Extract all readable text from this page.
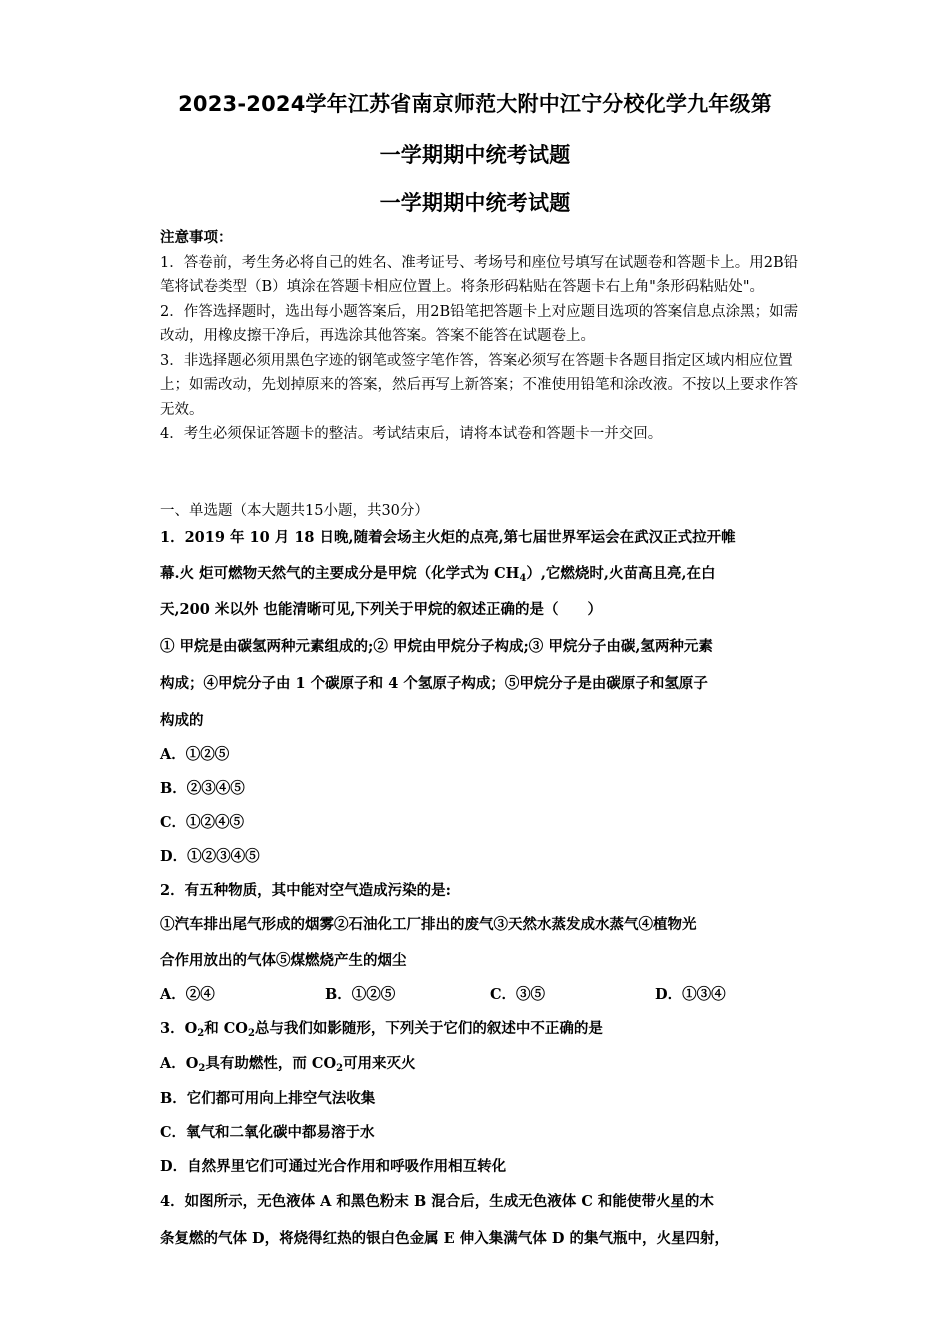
2023-2024学年江苏省南京师范大附中江宁分校化学九年级第
一学期期中统考试题
一学期期中统考试题
注意事项：
1．答卷前，考生务必将自己的姓名、准考证号、考场号和座位号填写在试题卷和答题卡上。用2B铅笔将试卷类型（B）填涂在答题卡相应位置上。将条形码粘贴在答题卡右上角"条形码粘贴处"。
2．作答选择题时，选出每小题答案后，用2B铅笔把答题卡上对应题目选项的答案信息点涂黑；如需改动，用橡皮擦干净后，再选涂其他答案。答案不能答在试题卷上。
3．非选择题必须用黑色字迹的钢笔或签字笔作答，答案必须写在答题卡各题目指定区域内相应位置上；如需改动，先划掉原来的答案，然后再写上新答案；不准使用铅笔和涂改液。不按以上要求作答无效。
4．考生必须保证答题卡的整洁。考试结束后，请将本试卷和答题卡一并交回。
一、单选题（本大题共15小题，共30分）
1．2019 年 10 月 18 日晚,随着会场主火炬的点亮,第七届世界军运会在武汉正式拉开帷
幕.火 炬可燃物天然气的主要成分是甲烷（化学式为 $CH_4$）,它燃烧时,火苗高且亮,在白
天,200 米以外 也能清晰可见,下列关于甲烷的叙述正确的是（　　）
① 甲烷是由碳氢两种元素组成的;② 甲烷由甲烷分子构成;③ 甲烷分子由碳,氢两种元素
构成；④甲烷分子由 1 个碳原子和 4 个氢原子构成；⑤甲烷分子是由碳原子和氢原子
构成的
A．①②⑤
B．②③④⑤
C．①②④⑤
D．①②③④⑤
2．有五种物质，其中能对空气造成污染的是:
①汽车排出尾气形成的烟雾②石油化工厂排出的废气③天然水蒸发成水蒸气④植物光
合作用放出的气体⑤煤燃烧产生的烟尘
A．②④	B．①②⑤	C．③⑤	D．①③④
3．$O_2$和 $CO_2$总与我们如影随形，下列关于它们的叙述中不正确的是
A．$O_2$具有助燃性，而 $CO_2$可用来灭火
B．它们都可用向上排空气法收集
C．氧气和二氧化碳中都易溶于水
D．自然界里它们可通过光合作用和呼吸作用相互转化
4．如图所示，无色液体 A 和黑色粉末 B 混合后，生成无色液体 C 和能使带火星的木
条复燃的气体 D，将烧得红热的银白色金属 E 伸入集满气体 D 的集气瓶中，火星四射，
